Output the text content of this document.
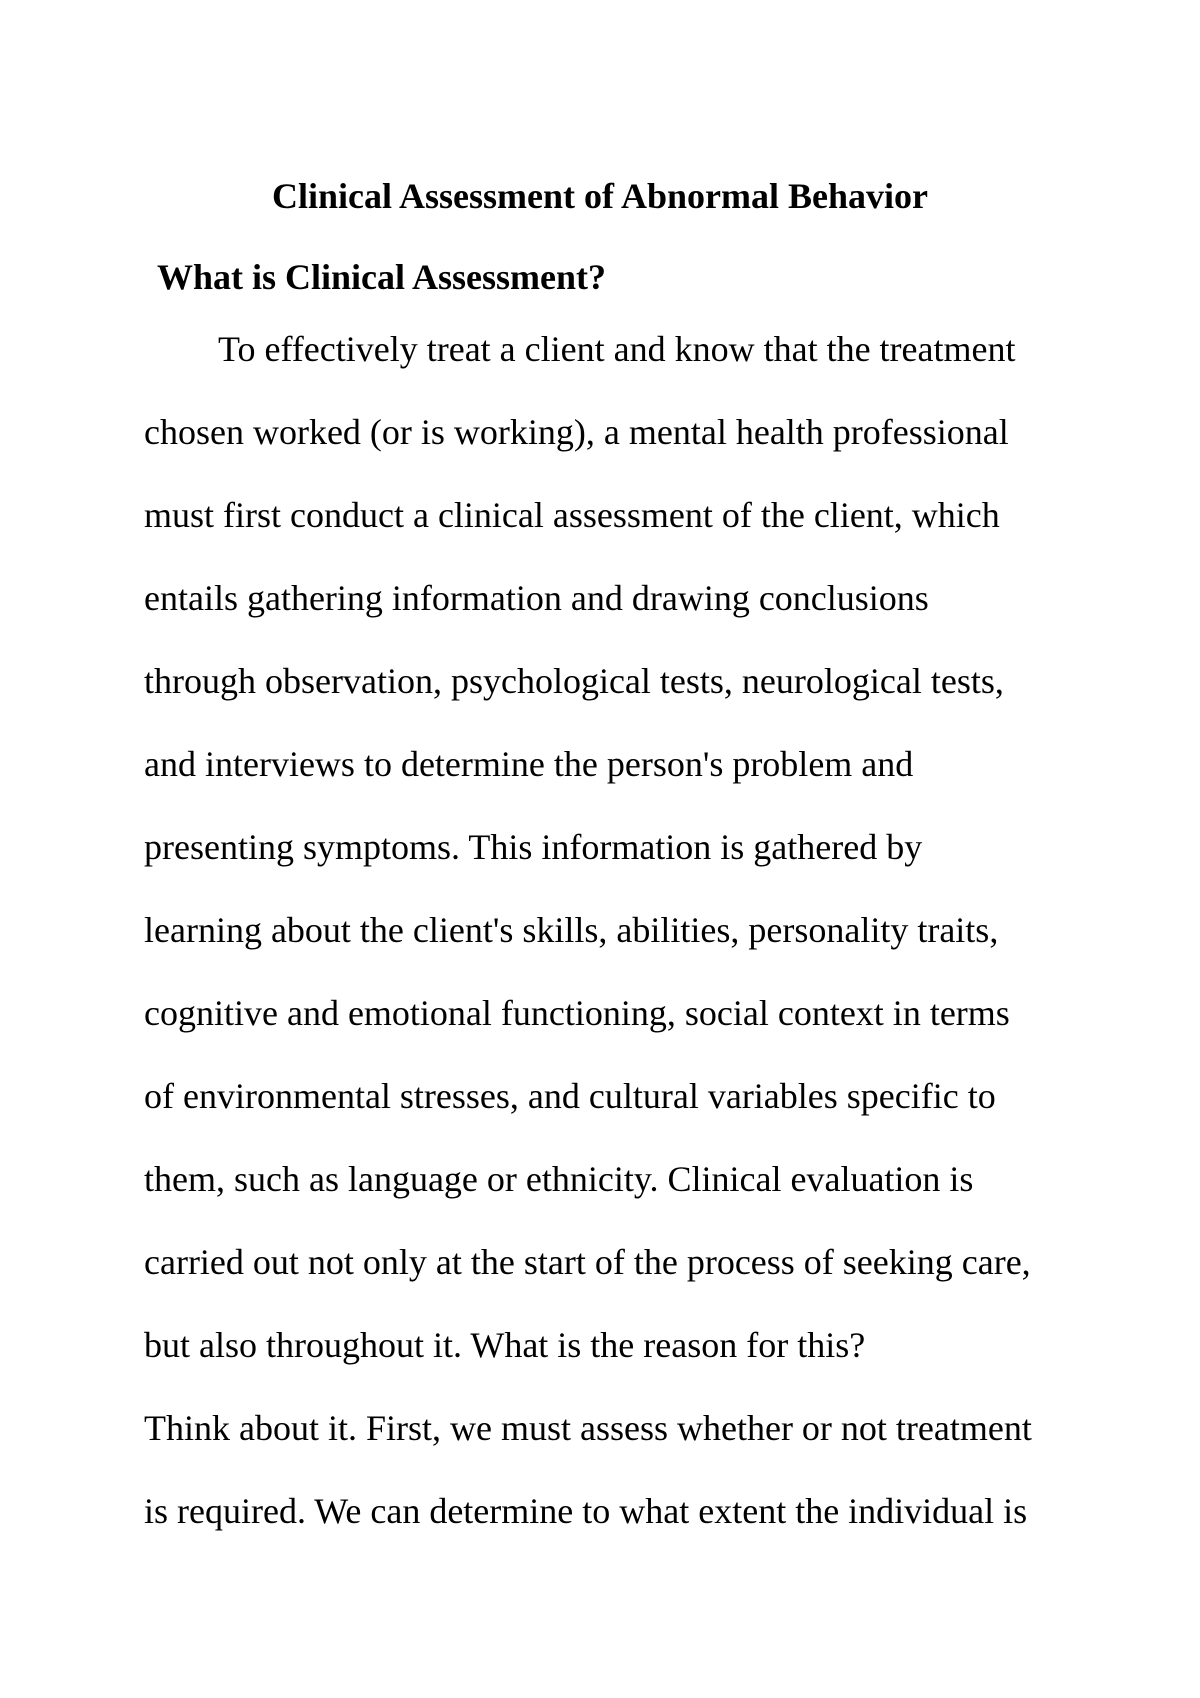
Clinical Assessment of Abnormal Behavior
What is Clinical Assessment?

To effectively treat a client and know that the treatment

chosen worked (or is working), a mental health professional

must first conduct a clinical assessment of the client, which

entails gathering information and drawing conclusions

through observation, psychological tests, neurological tests,

and interviews to determine the person's problem and

presenting symptoms. This information is gathered by

learning about the client's skills, abilities, personality traits,

cognitive and emotional functioning, social context in terms

of environmental stresses, and cultural variables specific to

them, such as language or ethnicity. Clinical evaluation is

carried out not only at the start of the process of seeking care,

but also throughout it. What is the reason for this?

Think about it. First, we must assess whether or not treatment

is required. We can determine to what extent the individual is
